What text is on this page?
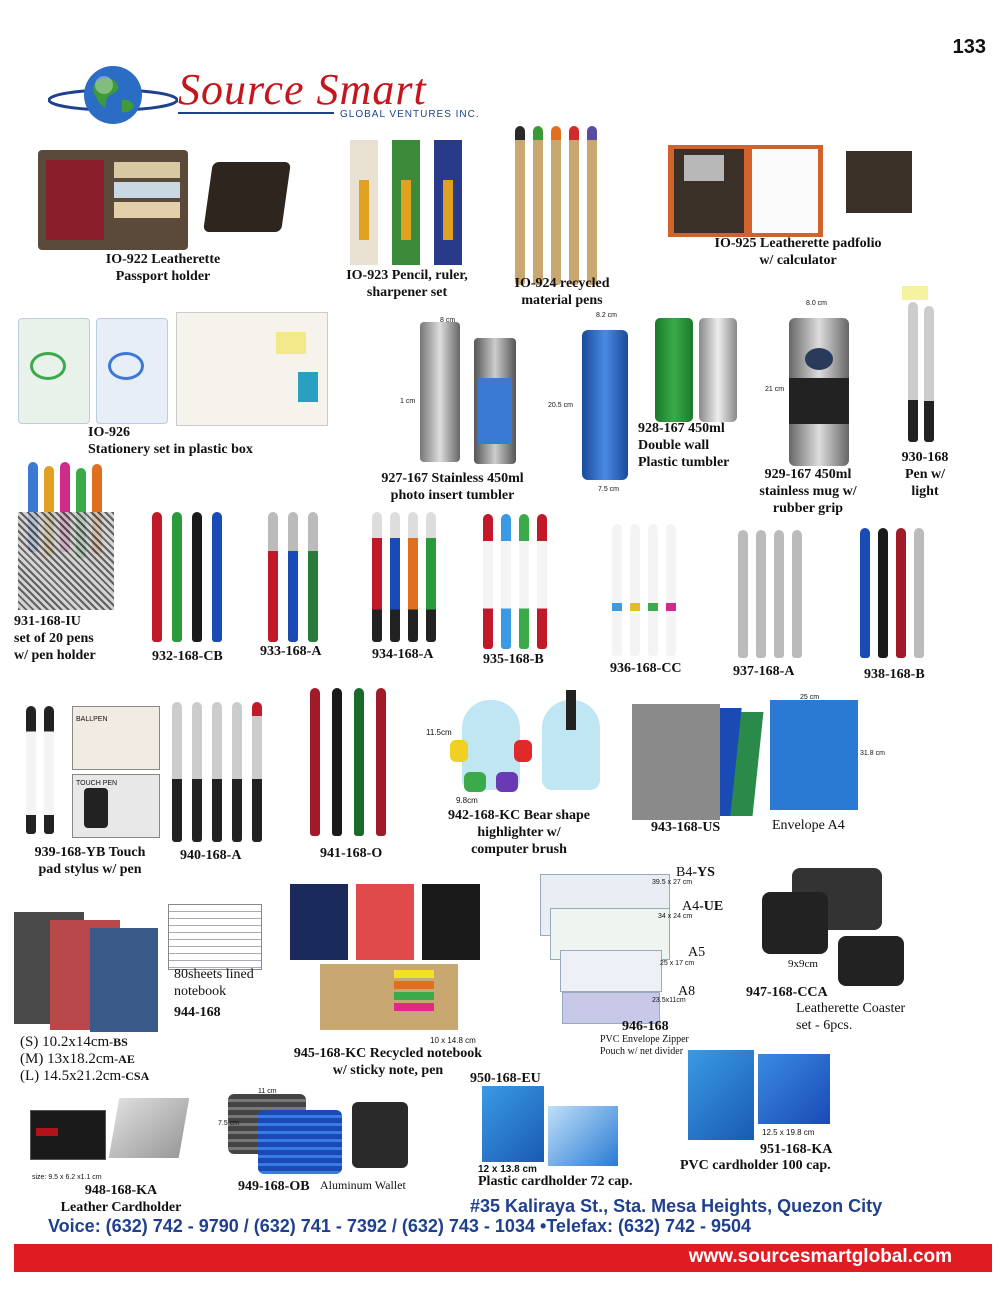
133
Source Smart
GLOBAL VENTURES INC.
IO-922 Leatherette
Passport holder	IO-923 Pencil, ruler,
sharpener set
IO-924 recycled
material pens
IO-925 Leatherette padfolio
w/ calculator
8 cm
1 cm
8.2 cm
20.5 cm
7.5 cm
8.0 cm
21 cm
IO-926
Stationery set in plastic box
927-167 Stainless 450ml
photo insert tumbler
928-167 450ml
Double wall
Plastic tumbler
929-167 450ml
stainless mug w/
rubber grip
930-168
Pen w/
light
931-168-IU
set of 20 pens
w/ pen holder	932-168-CB	933-168-A	934-168-A	935-168-B
936-168-CC	937-168-A	938-168-B
BALLPEN
TOUCH PEN
11.5cm
9.8cm
25 cm
31.8 cm
939-168-YB Touch
pad stylus w/ pen
940-168-A	941-168-O
942-168-KC Bear shape
highlighter w/
computer brush
943-168-US	Envelope A4
10 x 14.8 cm
80sheets lined
notebook
944-168
(S) 10.2x14cm-BS
(M) 13x18.2cm-AE
(L) 14.5x21.2cm-CSA
945-168-KC Recycled notebook
w/ sticky note, pen
B4-YS
39.5 x 27 cm
A4-UE
34 x 24 cm
A5
25 x 17 cm
A8
23.5x11cm
946-168
PVC Envelope Zipper
Pouch w/ net divider
9x9cm
947-168-CCA
Leatherette Coaster
set - 6pcs.
size: 9.5 x 6.2 x1.1 cm
11 cm
7.5 cm
948-168-KA
Leather Cardholder
949-168-OB Aluminum Wallet
950-168-EU
12 x 13.8 cm
Plastic cardholder 72 cap.
12.5 x 19.8 cm
951-168-KA
PVC cardholder 100 cap.
#35 Kaliraya St., Sta. Mesa Heights, Quezon City
Voice: (632) 742 - 9790 / (632) 741 - 7392 / (632) 743 - 1034 •Telefax: (632) 742 - 9504
www.sourcesmartglobal.com
